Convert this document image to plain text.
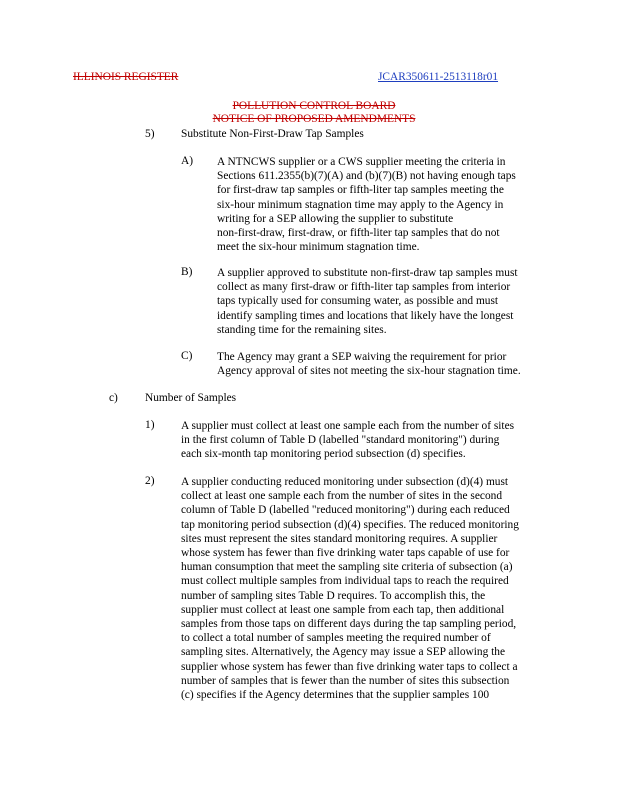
ILLINOIS REGISTER	JCAR350611-2513118r01
POLLUTION CONTROL BOARD
NOTICE OF PROPOSED AMENDMENTS
5) Substitute Non-First-Draw Tap Samples
A) A NTNCWS supplier or a CWS supplier meeting the criteria in
Sections 611.2355(b)(7)(A) and (b)(7)(B) not having enough taps
for first-draw tap samples or fifth-liter tap samples meeting the
six-hour minimum stagnation time may apply to the Agency in
writing for a SEP allowing the supplier to substitute
non-first-draw, first-draw, or fifth-liter tap samples that do not
meet the six-hour minimum stagnation time.
B) A supplier approved to substitute non-first-draw tap samples must
collect as many first-draw or fifth-liter tap samples from interior
taps typically used for consuming water, as possible and must
identify sampling times and locations that likely have the longest
standing time for the remaining sites.
C) The Agency may grant a SEP waiving the requirement for prior
Agency approval of sites not meeting the six-hour stagnation time.
c) Number of Samples
1) A supplier must collect at least one sample each from the number of sites
in the first column of Table D (labelled "standard monitoring") during
each six-month tap monitoring period subsection (d) specifies.
2) A supplier conducting reduced monitoring under subsection (d)(4) must
collect at least one sample each from the number of sites in the second
column of Table D (labelled "reduced monitoring") during each reduced
tap monitoring period subsection (d)(4) specifies. The reduced monitoring
sites must represent the sites standard monitoring requires. A supplier
whose system has fewer than five drinking water taps capable of use for
human consumption that meet the sampling site criteria of subsection (a)
must collect multiple samples from individual taps to reach the required
number of sampling sites Table D requires. To accomplish this, the
supplier must collect at least one sample from each tap, then additional
samples from those taps on different days during the tap sampling period,
to collect a total number of samples meeting the required number of
sampling sites. Alternatively, the Agency may issue a SEP allowing the
supplier whose system has fewer than five drinking water taps to collect a
number of samples that is fewer than the number of sites this subsection
(c) specifies if the Agency determines that the supplier samples 100
